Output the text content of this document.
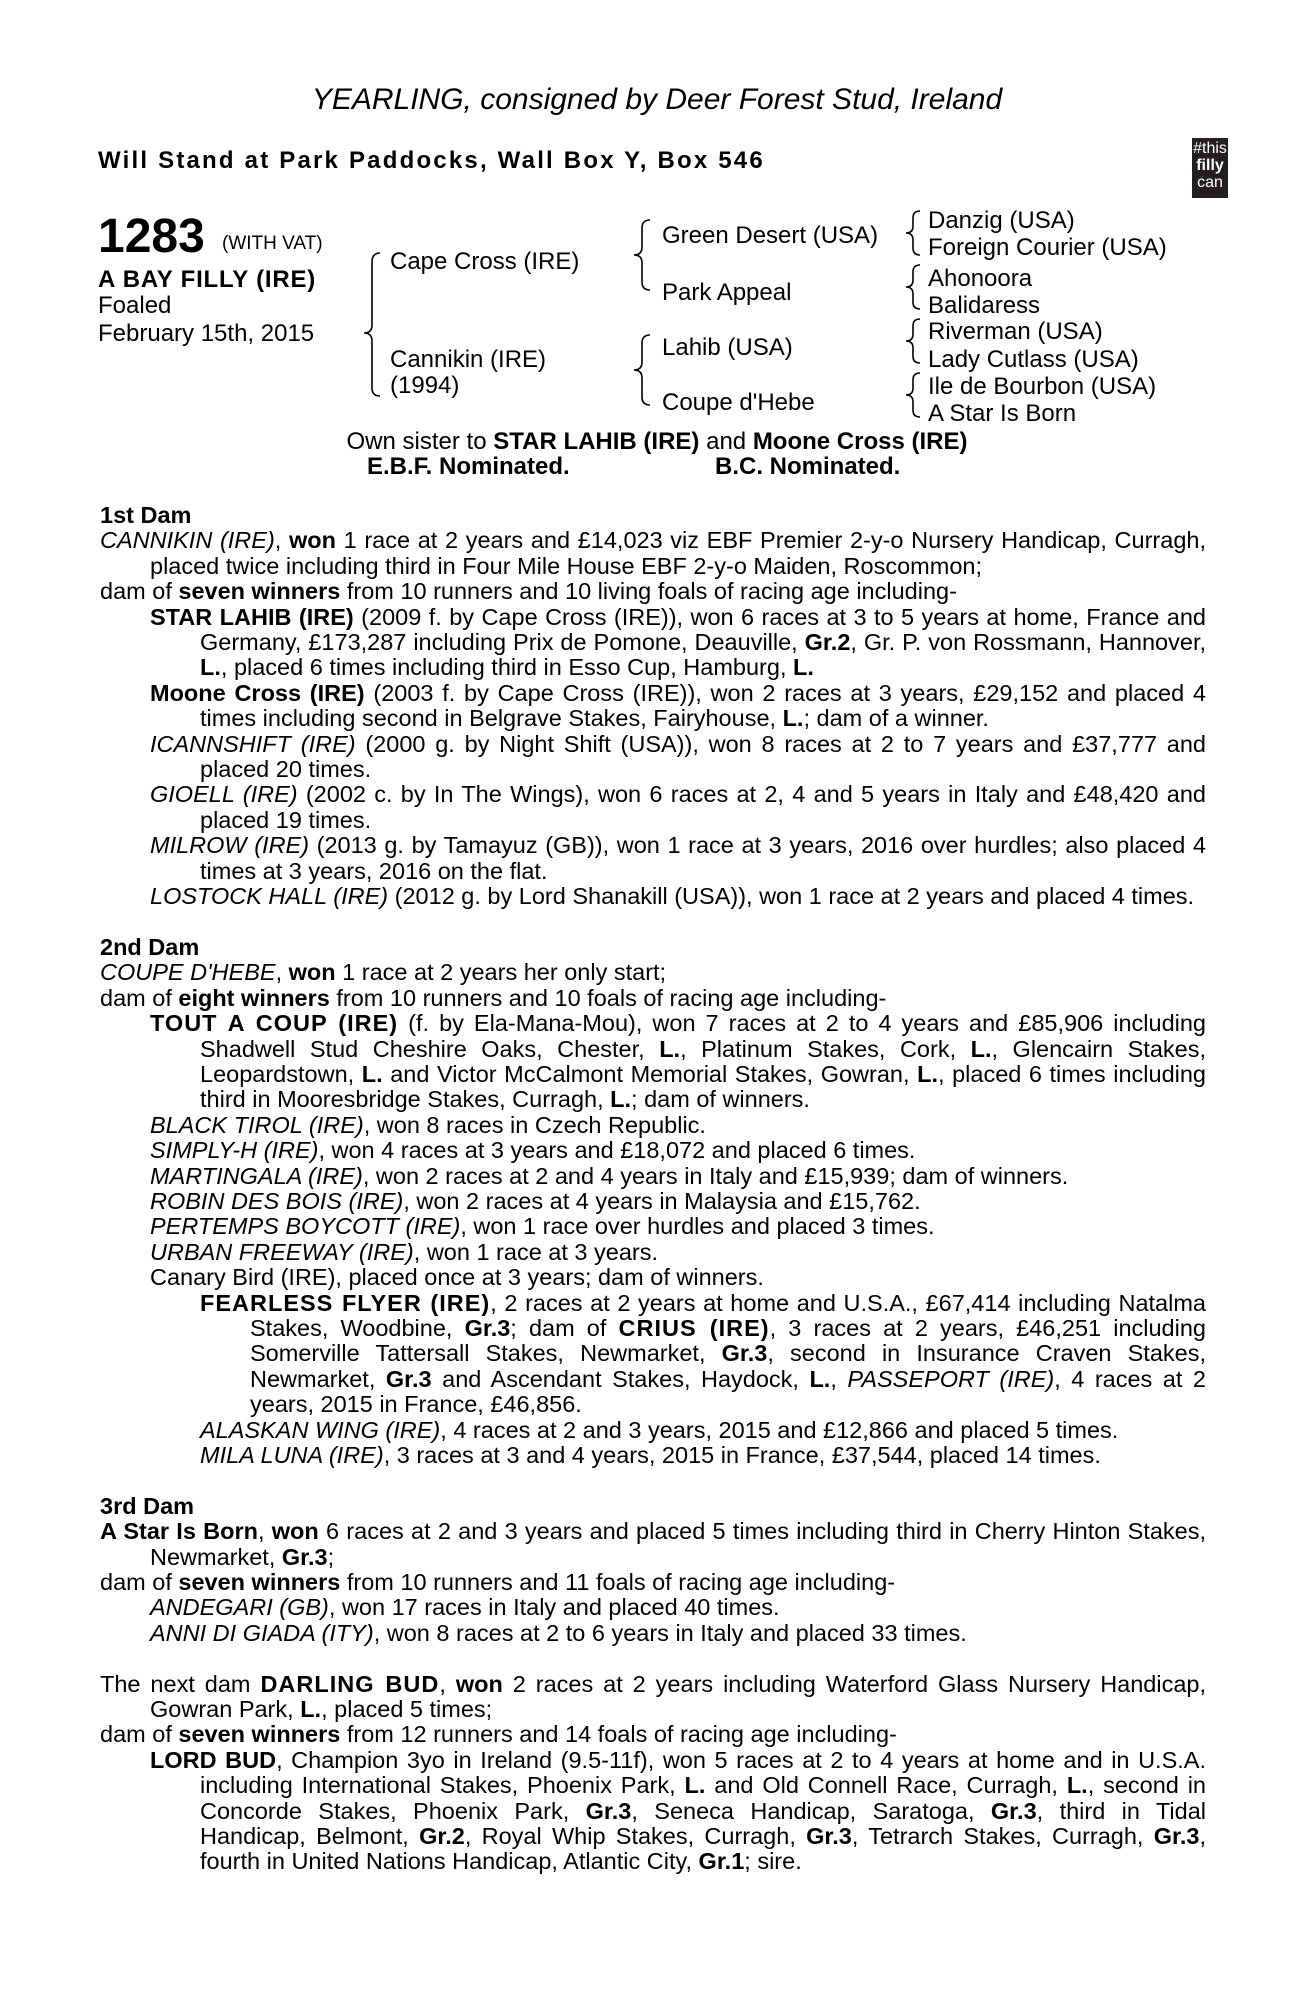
YEARLING, consigned by Deer Forest Stud, Ireland
Will Stand at Park Paddocks, Wall Box Y, Box 546	#this
filly
can
1283 (WITH VAT)
A BAY FILLY (IRE)
Foaled
February 15th, 2015
Cape Cross (IRE)
Cannikin (IRE)
(1994)
Green Desert (USA)
Park Appeal
Lahib (USA)
Coupe d'Hebe
Danzig (USA)
Foreign Courier (USA)
Ahonoora
Balidaress
Riverman (USA)
Lady Cutlass (USA)
Ile de Bourbon (USA)
A Star Is Born
Own sister to STAR LAHIB (IRE) and Moone Cross (IRE)
E.B.F. Nominated.	B.C. Nominated.

1st Dam

CANNIKIN (IRE), won 1 race at 2 years and £14,023 viz EBF Premier 2-y-o Nursery Handicap, Curragh, placed twice including third in Four Mile House EBF 2-y-o Maiden, Roscommon;

dam of seven winners from 10 runners and 10 living foals of racing age including-

STAR LAHIB (IRE) (2009 f. by Cape Cross (IRE)), won 6 races at 3 to 5 years at home, France and Germany, £173,287 including Prix de Pomone, Deauville, Gr.2, Gr. P. von Rossmann, Hannover, L., placed 6 times including third in Esso Cup, Hamburg, L.

Moone Cross (IRE) (2003 f. by Cape Cross (IRE)), won 2 races at 3 years, £29,152 and placed 4 times including second in Belgrave Stakes, Fairyhouse, L.; dam of a winner.

ICANNSHIFT (IRE) (2000 g. by Night Shift (USA)), won 8 races at 2 to 7 years and £37,777 and placed 20 times.

GIOELL (IRE) (2002 c. by In The Wings), won 6 races at 2, 4 and 5 years in Italy and £48,420 and placed 19 times.

MILROW (IRE) (2013 g. by Tamayuz (GB)), won 1 race at 3 years, 2016 over hurdles; also placed 4 times at 3 years, 2016 on the flat.

LOSTOCK HALL (IRE) (2012 g. by Lord Shanakill (USA)), won 1 race at 2 years and placed 4 times.

2nd Dam

COUPE D'HEBE, won 1 race at 2 years her only start;

dam of eight winners from 10 runners and 10 foals of racing age including-

TOUT A COUP (IRE) (f. by Ela-Mana-Mou), won 7 races at 2 to 4 years and £85,906 including Shadwell Stud Cheshire Oaks, Chester, L., Platinum Stakes, Cork, L., Glencairn Stakes, Leopardstown, L. and Victor McCalmont Memorial Stakes, Gowran, L., placed 6 times including third in Mooresbridge Stakes, Curragh, L.; dam of winners.

BLACK TIROL (IRE), won 8 races in Czech Republic.

SIMPLY-H (IRE), won 4 races at 3 years and £18,072 and placed 6 times.

MARTINGALA (IRE), won 2 races at 2 and 4 years in Italy and £15,939; dam of winners.

ROBIN DES BOIS (IRE), won 2 races at 4 years in Malaysia and £15,762.

PERTEMPS BOYCOTT (IRE), won 1 race over hurdles and placed 3 times.

URBAN FREEWAY (IRE), won 1 race at 3 years.

Canary Bird (IRE), placed once at 3 years; dam of winners.

FEARLESS FLYER (IRE), 2 races at 2 years at home and U.S.A., £67,414 including Natalma Stakes, Woodbine, Gr.3; dam of CRIUS (IRE), 3 races at 2 years, £46,251 including Somerville Tattersall Stakes, Newmarket, Gr.3, second in Insurance Craven Stakes, Newmarket, Gr.3 and Ascendant Stakes, Haydock, L., PASSEPORT (IRE), 4 races at 2 years, 2015 in France, £46,856.

ALASKAN WING (IRE), 4 races at 2 and 3 years, 2015 and £12,866 and placed 5 times.

MILA LUNA (IRE), 3 races at 3 and 4 years, 2015 in France, £37,544, placed 14 times.

3rd Dam

A Star Is Born, won 6 races at 2 and 3 years and placed 5 times including third in Cherry Hinton Stakes, Newmarket, Gr.3;

dam of seven winners from 10 runners and 11 foals of racing age including-

ANDEGARI (GB), won 17 races in Italy and placed 40 times.

ANNI DI GIADA (ITY), won 8 races at 2 to 6 years in Italy and placed 33 times.

The next dam DARLING BUD, won 2 races at 2 years including Waterford Glass Nursery Handicap, Gowran Park, L., placed 5 times;

dam of seven winners from 12 runners and 14 foals of racing age including-

LORD BUD, Champion 3yo in Ireland (9.5-11f), won 5 races at 2 to 4 years at home and in U.S.A. including International Stakes, Phoenix Park, L. and Old Connell Race, Curragh, L., second in Concorde Stakes, Phoenix Park, Gr.3, Seneca Handicap, Saratoga, Gr.3, third in Tidal Handicap, Belmont, Gr.2, Royal Whip Stakes, Curragh, Gr.3, Tetrarch Stakes, Curragh, Gr.3, fourth in United Nations Handicap, Atlantic City, Gr.1; sire.
